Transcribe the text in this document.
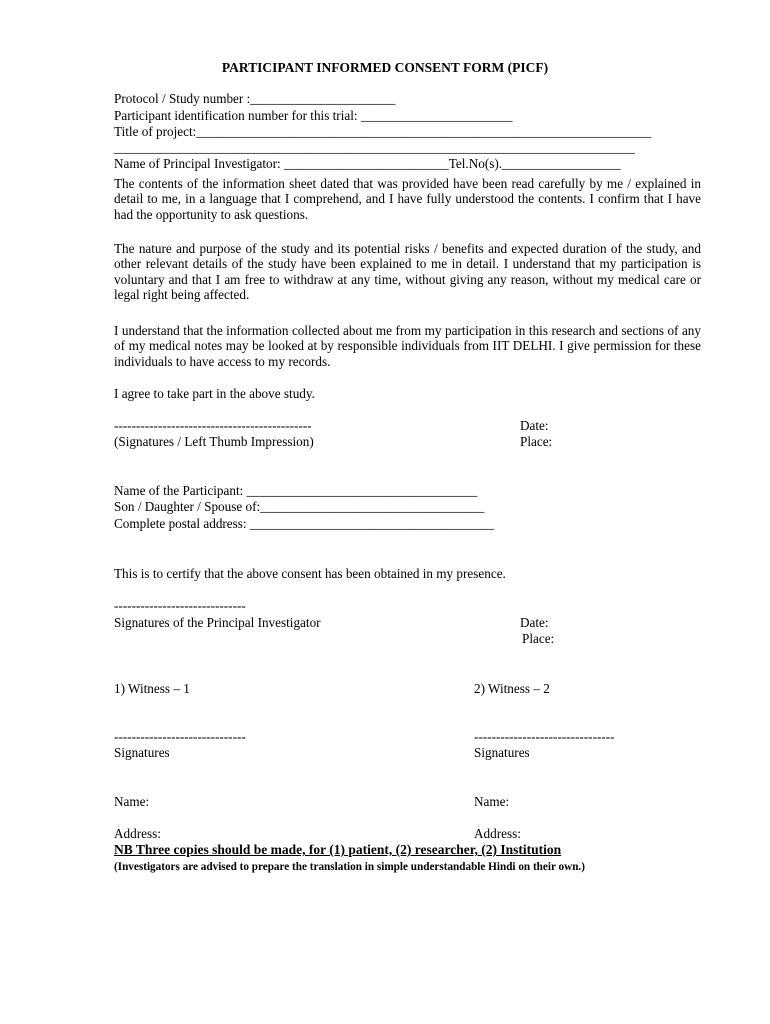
PARTICIPANT INFORMED CONSENT FORM (PICF)
Protocol / Study number :______________________
Participant identification number for this trial: _______________________
Title of project:_____________________________________________________________________
_______________________________________________________________________________
Name of Principal Investigator: _________________________Tel.No(s).__________________
The contents of the information sheet dated that was provided have been read carefully by me / explained in detail to me, in a language that I comprehend, and I have fully understood the contents. I confirm that I have had the opportunity to ask questions.
The nature and purpose of the study and its potential risks / benefits and expected duration of the study, and other relevant details of the study have been explained to me in detail. I understand that my participation is voluntary and that I am free to withdraw at any time, without giving any reason, without my medical care or legal right being affected.
I understand that the information collected about me from my participation in this research and sections of any of my medical notes may be looked at by responsible individuals from IIT DELHI. I give permission for these individuals to have access to my records.
I agree to take part in the above study.
---------------------------------------------	Date:
(Signatures / Left Thumb Impression)	Place:
Name of the Participant: ___________________________________
Son / Daughter / Spouse of:__________________________________
Complete postal address: _____________________________________
This is to certify that the above consent has been obtained in my presence.
------------------------------
Signatures of the Principal Investigator	Date:
Place:
1) Witness – 1	2) Witness – 2
------------------------------	--------------------------------
Signatures	Signatures
Name:	Name:
Address:	Address:
NB Three copies should be made, for (1) patient, (2) researcher, (2) Institution
(Investigators are advised to prepare the translation in simple understandable Hindi on their own.)
